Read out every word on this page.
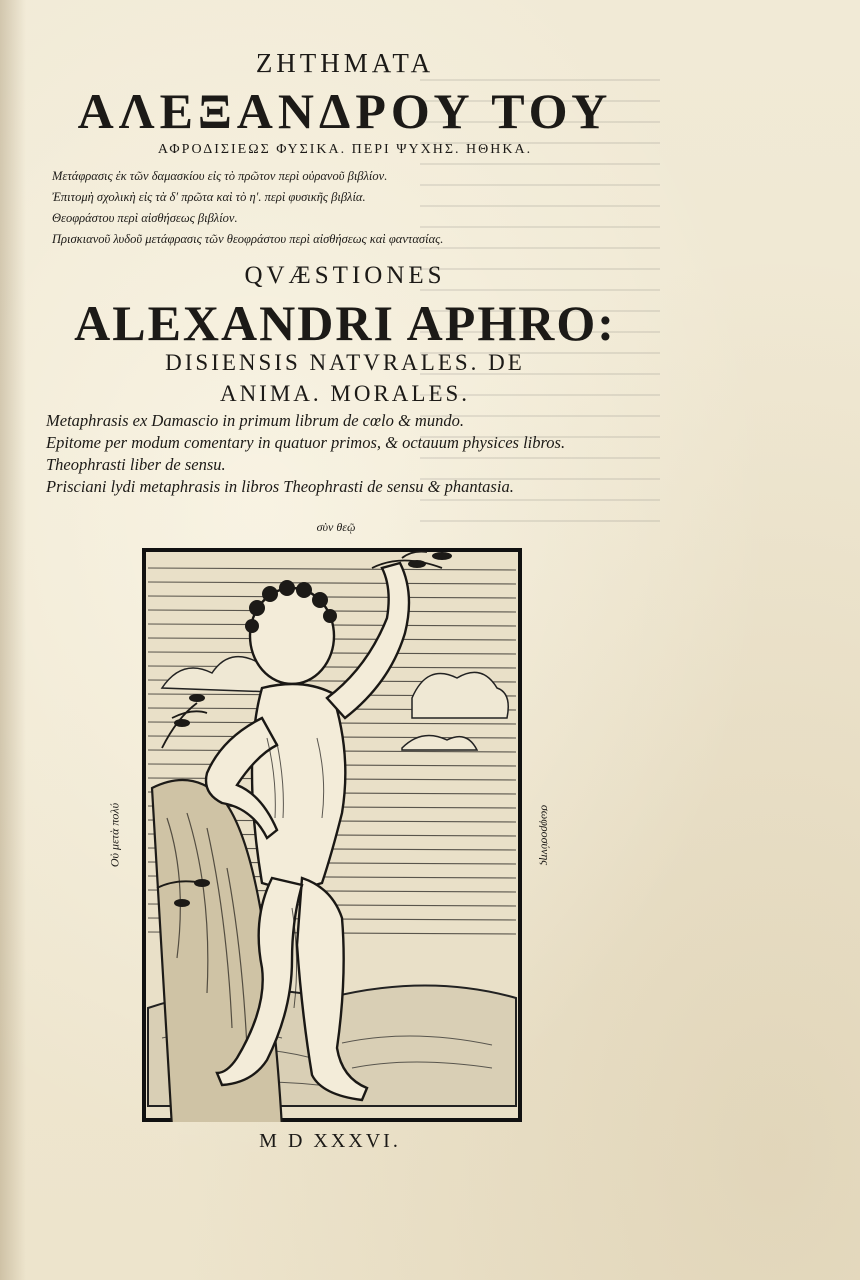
ΖΗΤΗΜΑΤΑ
ΑΛΕΞΑΝΔΡΟΥ ΤΟΥ
ΑΦΡΟΔΙΣΙΕΩΣ ΦΥΣΙΚΑ. ΠΕΡΙ ΨΥΧΗΣ. ΗΘΗΚΑ.
Μετάφρασις ἐκ τῶν δαμασκίου εἰς τὸ πρῶτον περὶ οὐρανοῦ βιβλίον.
Ἐπιτομὴ σχολικὴ εἰς τὰ δ′ πρῶτα καὶ τὸ η′. περὶ φυσικῆς βιβλία.
Θεοφράστου περὶ αἰσθήσεως βιβλίον.
Πρισκιανοῦ λυδοῦ μετάφρασις τῶν θεοφράστου περὶ αἰσθήσεως καὶ φαντασίας.
QVÆSTIONES
ALEXANDRI APHRO:
DISIENSIS NATVRALES. DE
ANIMA. MORALES.
Metaphrasis ex Damascio in primum librum de cœlo & mundo.
Epitome per modum comentary in quatuor primos, & octauum physices libros.
Theophrasti liber de sensu.
Prisciani lydi metaphrasis in libros Theophrasti de sensu & phantasia.
σὺν θεῷ
Οὐ μετὰ πολύ	σωφροσύνης
M D XXXVI.
